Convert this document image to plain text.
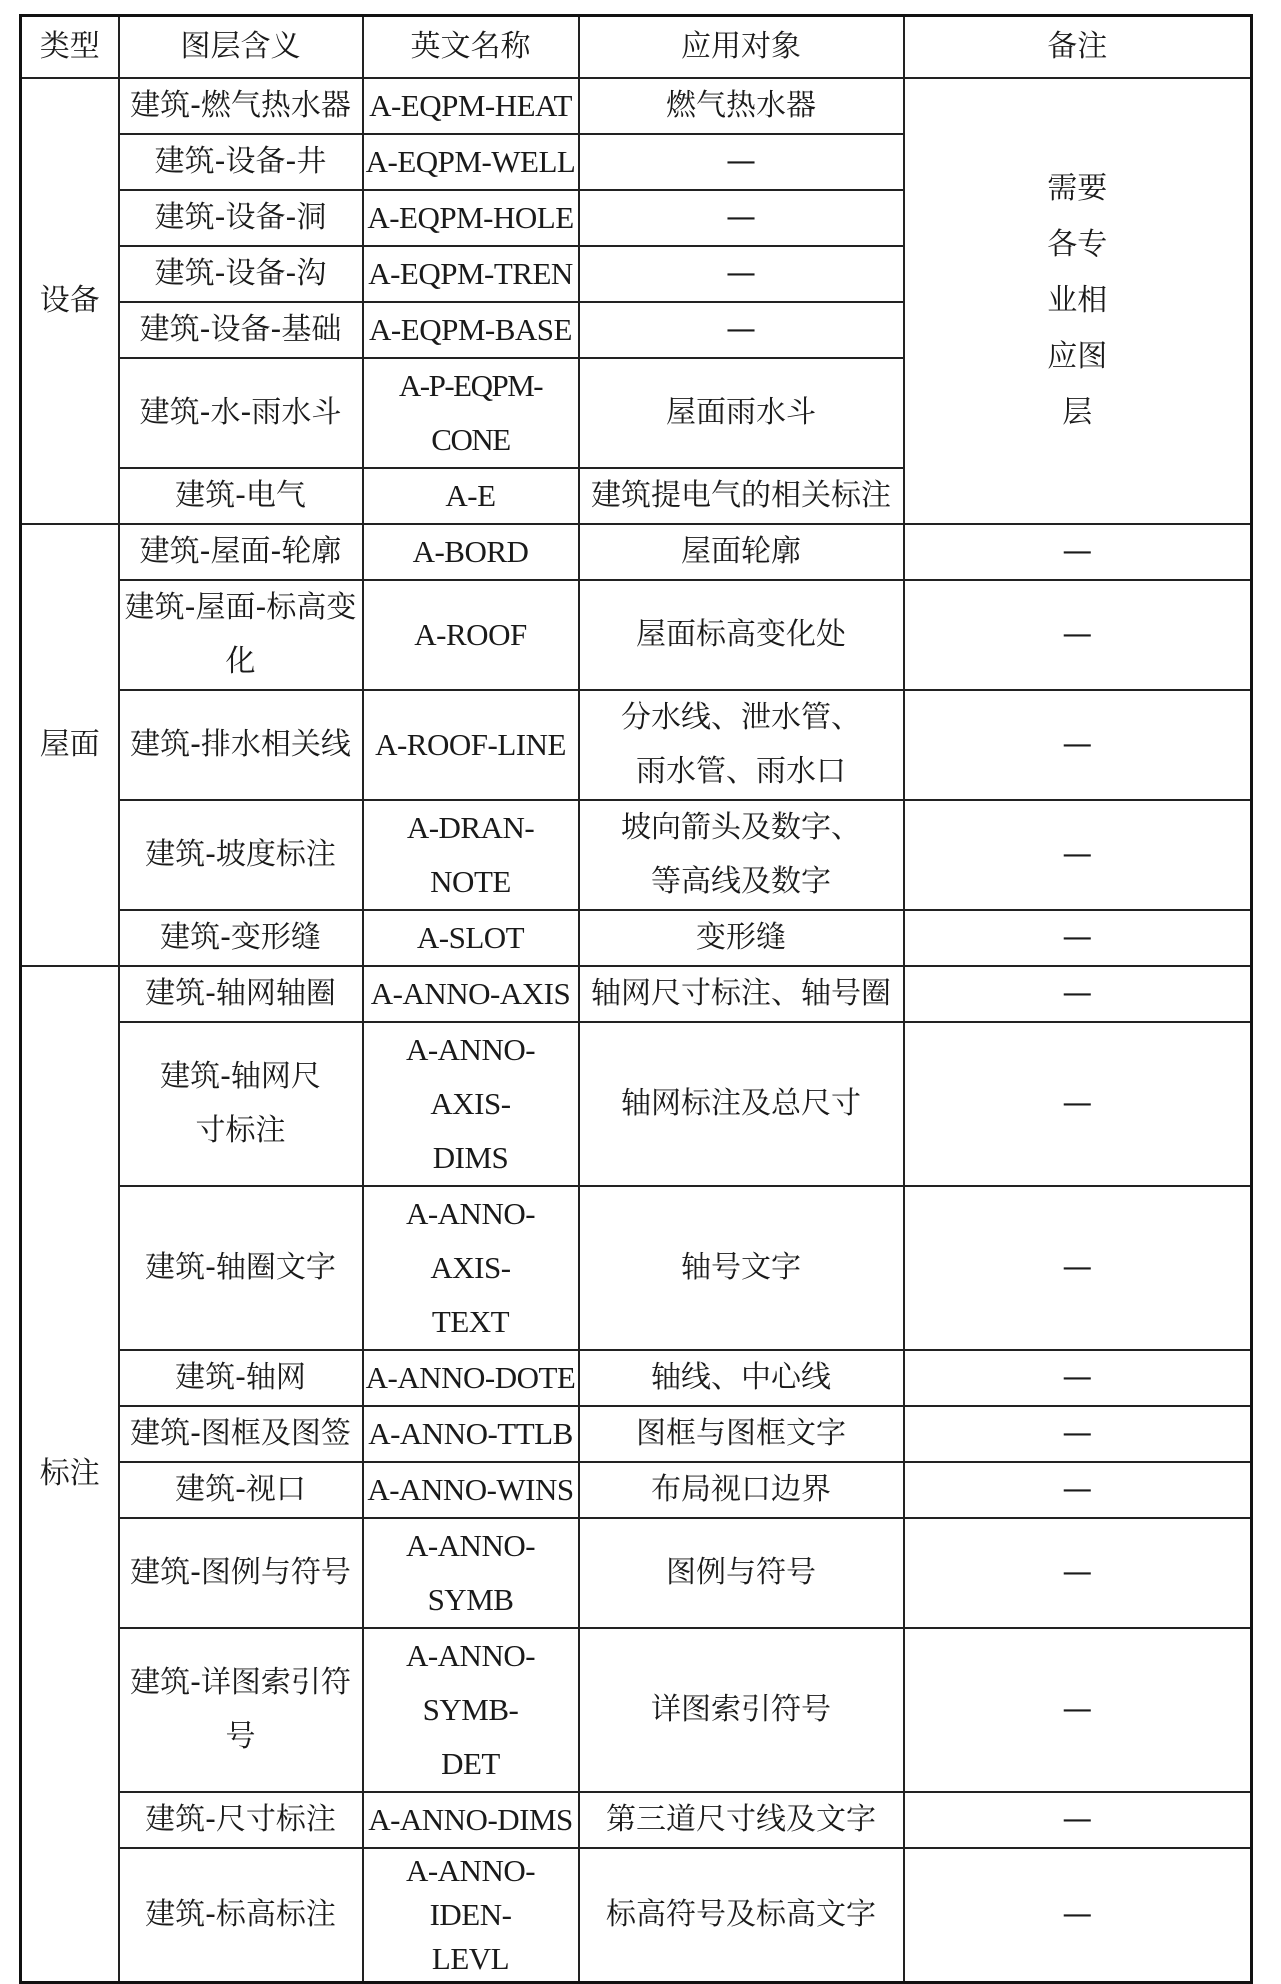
类型	图层含义	英文名称	应用对象	备注
设备	建筑-燃气热水器	A-EQPM-HEAT	燃气热水器	需要各专业相应图层
	建筑-设备-井	A-EQPM-WELL	—	
	建筑-设备-洞	A-EQPM-HOLE	—	
	建筑-设备-沟	A-EQPM-TREN	—	
	建筑-设备-基础	A-EQPM-BASE	—	
	建筑-水-雨水斗	A-P-EQPM-CONE	屋面雨水斗	
	建筑-电气	A-E	建筑提电气的相关标注	
屋面	建筑-屋面-轮廓	A-BORD	屋面轮廓	—
	建筑-屋面-标高变化	A-ROOF	屋面标高变化处	—
	建筑-排水相关线	A-ROOF-LINE	分水线、泄水管、雨水管、雨水口	—
	建筑-坡度标注	A-DRAN-NOTE	坡向箭头及数字、等高线及数字	—
	建筑-变形缝	A-SLOT	变形缝	—
标注	建筑-轴网轴圈	A-ANNO-AXIS	轴网尺寸标注、轴号圈	—
	建筑-轴网尺寸标注	A-ANNO-AXIS-DIMS	轴网标注及总尺寸	—
	建筑-轴圈文字	A-ANNO-AXIS-TEXT	轴号文字	—
	建筑-轴网	A-ANNO-DOTE	轴线、中心线	—
	建筑-图框及图签	A-ANNO-TTLB	图框与图框文字	—
	建筑-视口	A-ANNO-WINS	布局视口边界	—
	建筑-图例与符号	A-ANNO-SYMB	图例与符号	—
	建筑-详图索引符号	A-ANNO-SYMB-DET	详图索引符号	—
	建筑-尺寸标注	A-ANNO-DIMS	第三道尺寸线及文字	—
	建筑-标高标注	A-ANNO-IDEN-LEVL	标高符号及标高文字	—
